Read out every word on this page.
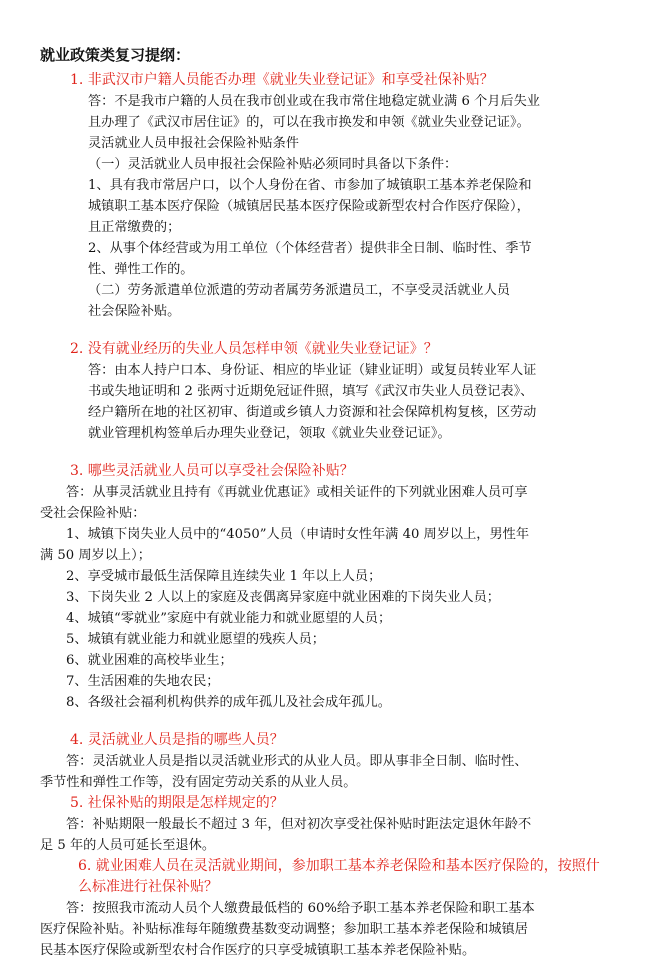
就业政策类复习提纲：
1. 非武汉市户籍人员能否办理《就业失业登记证》和享受社保补贴？
答：不是我市户籍的人员在我市创业或在我市常住地稳定就业满 6 个月后失业
且办理了《武汉市居住证》的，可以在我市换发和申领《就业失业登记证》。
灵活就业人员申报社会保险补贴条件
（一）灵活就业人员申报社会保险补贴必须同时具备以下条件：
1、具有我市常居户口，以个人身份在省、市参加了城镇职工基本养老保险和
城镇职工基本医疗保险（城镇居民基本医疗保险或新型农村合作医疗保险），
且正常缴费的；
2、从事个体经营或为用工单位（个体经营者）提供非全日制、临时性、季节
性、弹性工作的。
（二）劳务派遣单位派遣的劳动者属劳务派遣员工，不享受灵活就业人员
社会保险补贴。
2. 没有就业经历的失业人员怎样申领《就业失业登记证》？
答：由本人持户口本、身份证、相应的毕业证（肄业证明）或复员转业军人证
书或失地证明和 2 张两寸近期免冠证件照，填写《武汉市失业人员登记表》、
经户籍所在地的社区初审、街道或乡镇人力资源和社会保障机构复核，区劳动
就业管理机构签单后办理失业登记，领取《就业失业登记证》。
3. 哪些灵活就业人员可以享受社会保险补贴？
答：从事灵活就业且持有《再就业优惠证》或相关证件的下列就业困难人员可享
受社会保险补贴：
1、城镇下岗失业人员中的“4050”人员（申请时女性年满 40 周岁以上，男性年
满 50 周岁以上）；
2、享受城市最低生活保障且连续失业 1 年以上人员；
3、下岗失业 2 人以上的家庭及丧偶离异家庭中就业困难的下岗失业人员；
4、城镇“零就业”家庭中有就业能力和就业愿望的人员；
5、城镇有就业能力和就业愿望的残疾人员；
6、就业困难的高校毕业生；
7、生活困难的失地农民；
8、各级社会福利机构供养的成年孤儿及社会成年孤儿。
4. 灵活就业人员是指的哪些人员？
答：灵活就业人员是指以灵活就业形式的从业人员。即从事非全日制、临时性、
季节性和弹性工作等，没有固定劳动关系的从业人员。
5. 社保补贴的期限是怎样规定的？
答：补贴期限一般最长不超过 3 年，但对初次享受社保补贴时距法定退休年龄不
足 5 年的人员可延长至退休。
6. 就业困难人员在灵活就业期间，参加职工基本养老保险和基本医疗保险的，按照什么标准进行社保补贴？
答：按照我市流动人员个人缴费最低档的 60%给予职工基本养老保险和职工基本
医疗保险补贴。补贴标准每年随缴费基数变动调整；参加职工基本养老保险和城镇居
民基本医疗保险或新型农村合作医疗的只享受城镇职工基本养老保险补贴。
